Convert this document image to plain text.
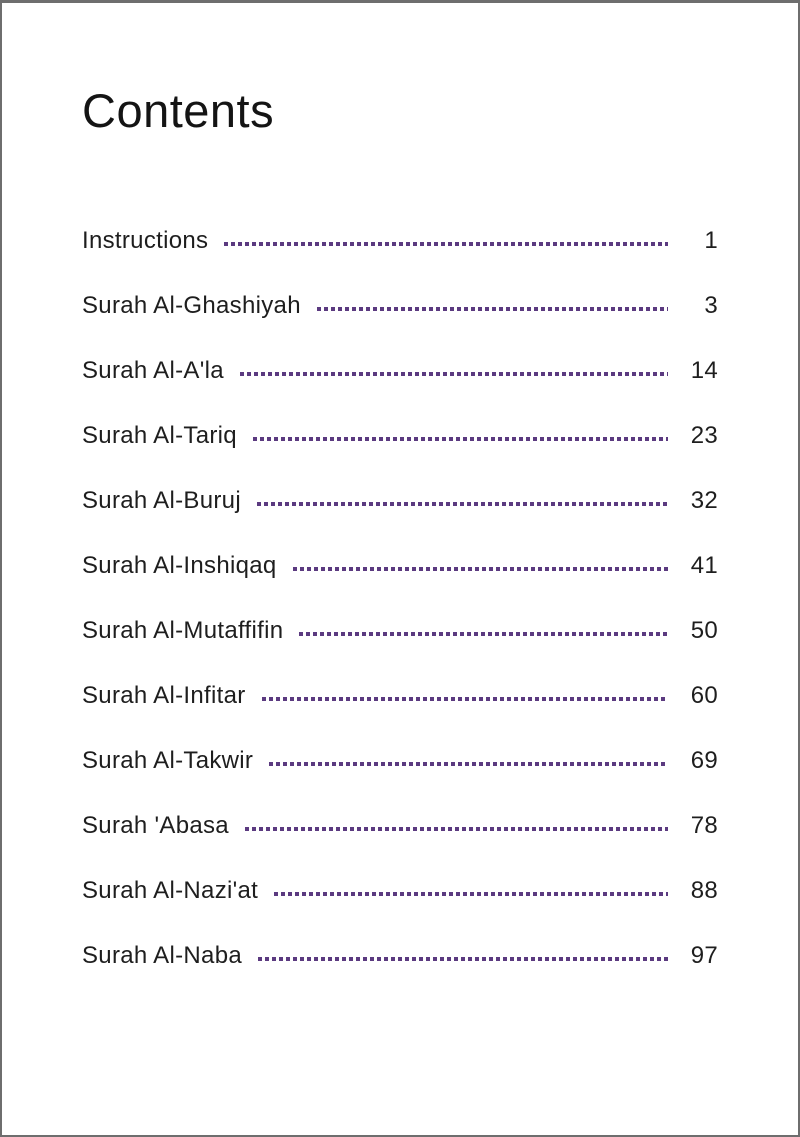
Contents
Instructions	1
Surah Al-Ghashiyah	3
Surah Al-A'la	14
Surah Al-Tariq	23
Surah Al-Buruj	32
Surah Al-Inshiqaq	41
Surah Al-Mutaffifin	50
Surah Al-Infitar	60
Surah Al-Takwir	69
Surah 'Abasa	78
Surah Al-Nazi'at	88
Surah Al-Naba	97
